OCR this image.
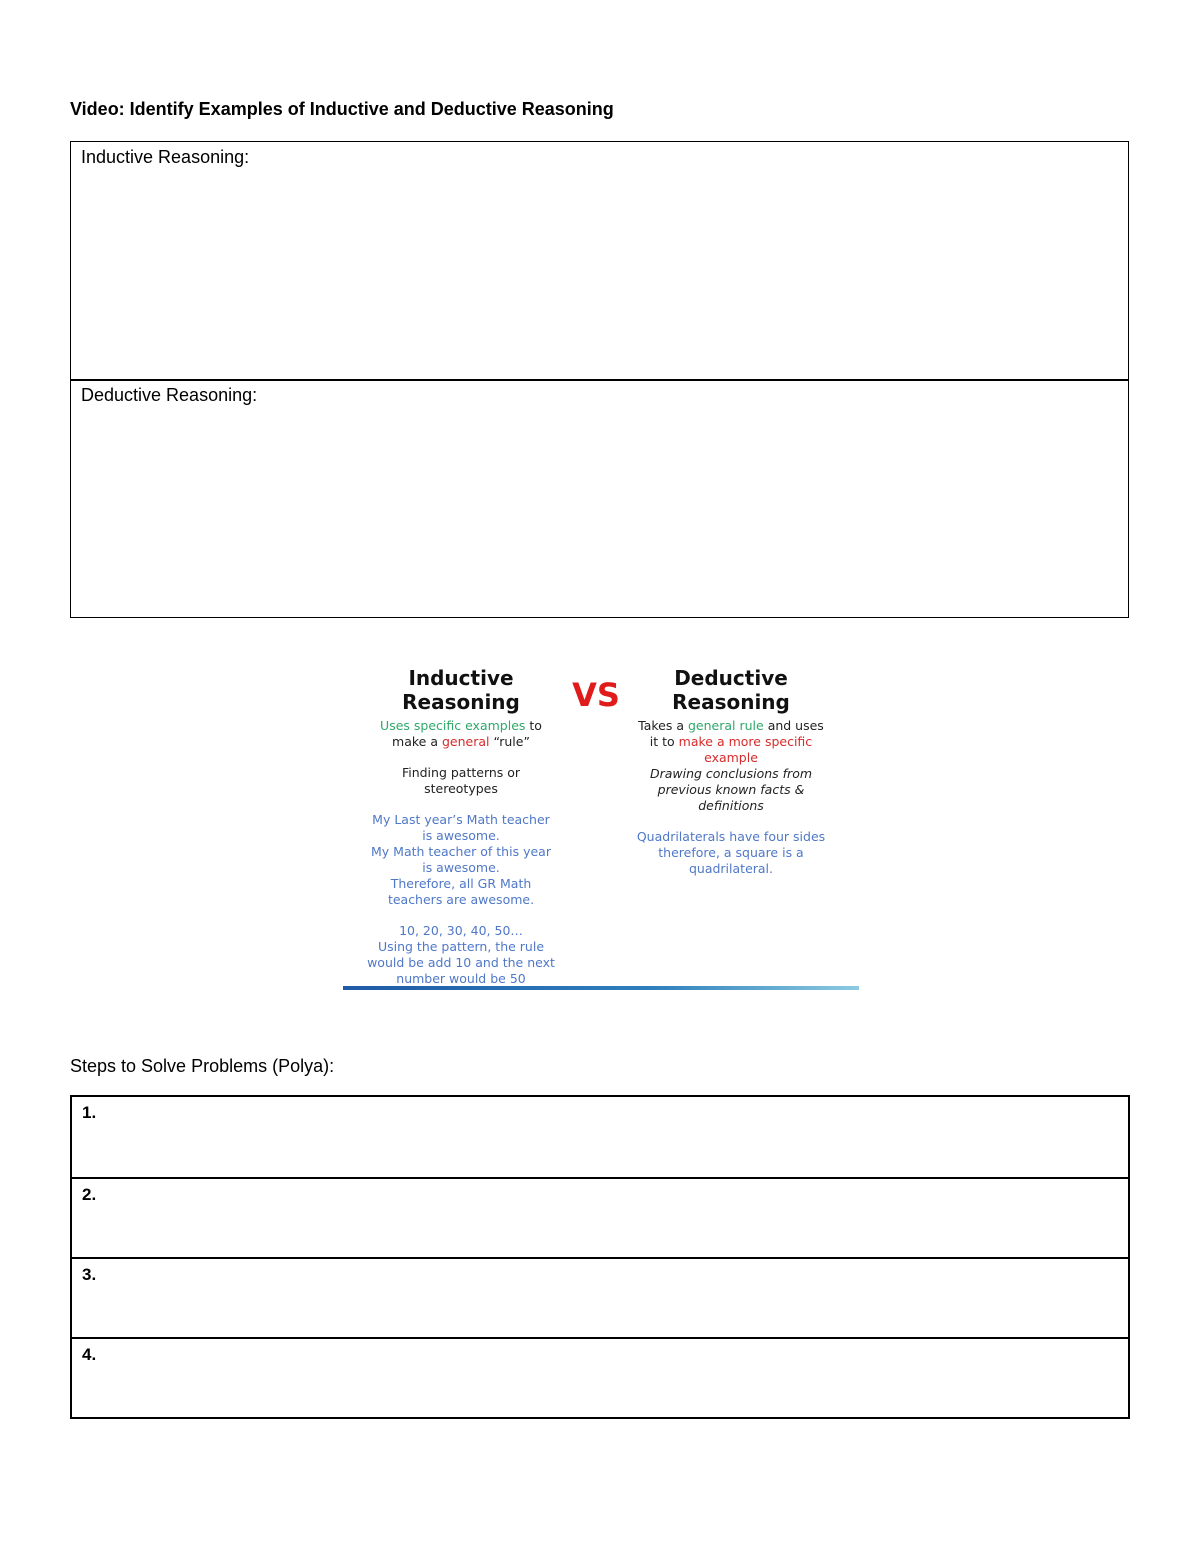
Video: Identify Examples of Inductive and Deductive Reasoning
Inductive Reasoning:
Deductive Reasoning:
Inductive
Reasoning
Uses specific examples to
make a general “rule”
Finding patterns or
stereotypes
My Last year’s Math teacher
is awesome.
My Math teacher of this year
is awesome.
Therefore, all GR Math
teachers are awesome.
10, 20, 30, 40, 50…
Using the pattern, the rule
would be add 10 and the next
number would be 50
VS	Deductive
Reasoning
Takes a general rule and uses
it to make a more specific
example
Drawing conclusions from
previous known facts &
definitions
Quadrilaterals have four sides
therefore, a square is a
quadrilateral.
Steps to Solve Problems (Polya):
1.
2.
3.
4.
